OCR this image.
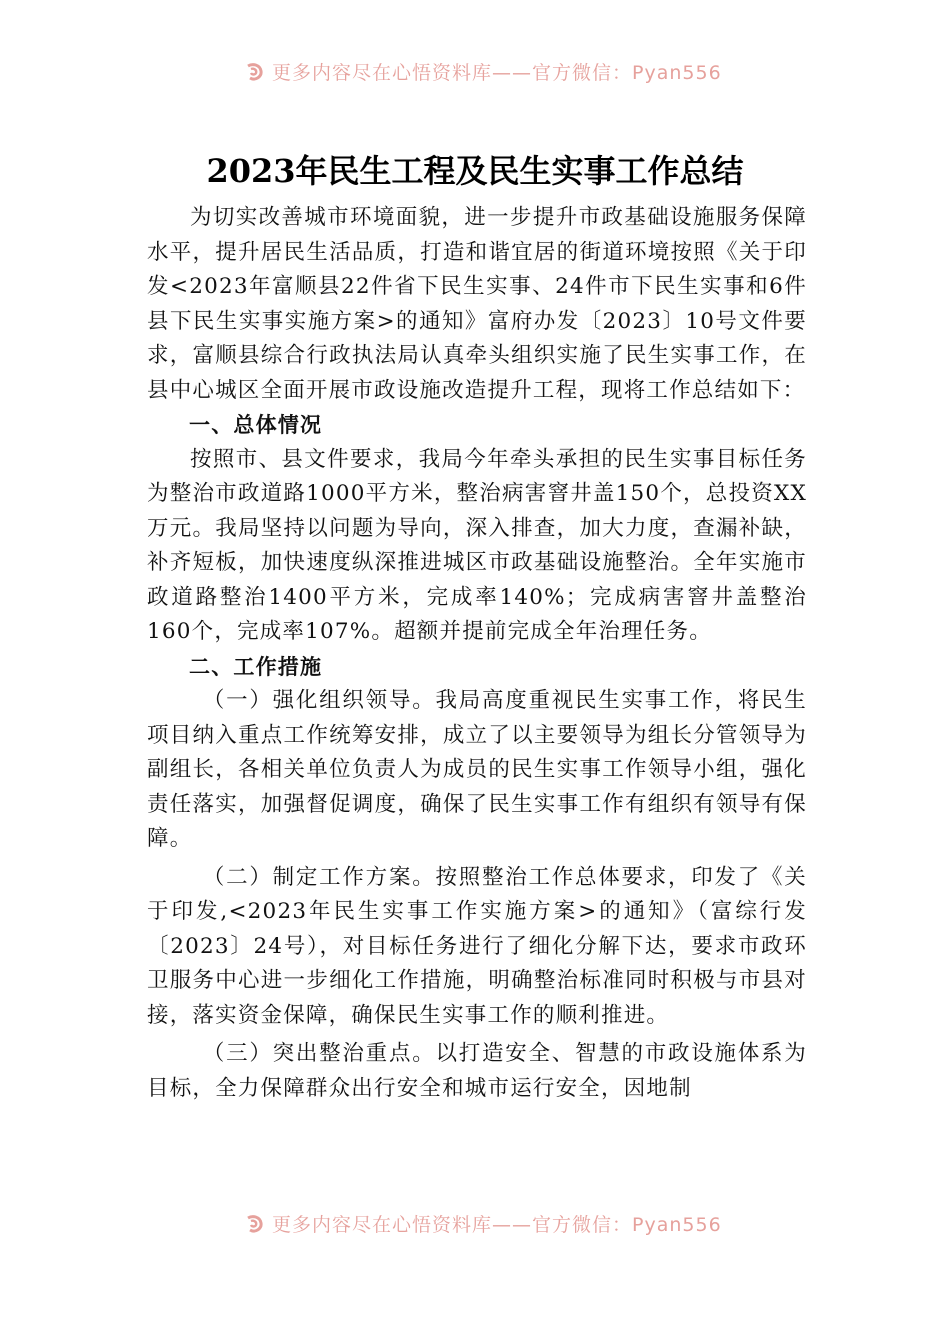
更多内容尽在心悟资料库——官方微信：Pyan556
2023年民生工程及民生实事工作总结

为切实改善城市环境面貌，进一步提升市政基础设施服务保障水平，提升居民生活品质，打造和谐宜居的街道环境按照《关于印发<2023年富顺县22件省下民生实事、24件市下民生实事和6件县下民生实事实施方案>的通知》富府办发〔2023〕10号文件要求，富顺县综合行政执法局认真牵头组织实施了民生实事工作，在县中心城区全面开展市政设施改造提升工程，现将工作总结如下：

一、总体情况

按照市、县文件要求，我局今年牵头承担的民生实事目标任务为整治市政道路1000平方米，整治病害窨井盖150个，总投资XX万元。我局坚持以问题为导向，深入排查，加大力度，查漏补缺，补齐短板，加快速度纵深推进城区市政基础设施整治。全年实施市政道路整治1400平方米，完成率140%；完成病害窨井盖整治160个，完成率107%。超额并提前完成全年治理任务。

二、工作措施

（一）强化组织领导。我局高度重视民生实事工作，将民生项目纳入重点工作统筹安排，成立了以主要领导为组长分管领导为副组长，各相关单位负责人为成员的民生实事工作领导小组，强化责任落实，加强督促调度，确保了民生实事工作有组织有领导有保障。

（二）制定工作方案。按照整治工作总体要求，印发了《关于印发,<2023年民生实事工作实施方案>的通知》（富综行发〔2023〕24号），对目标任务进行了细化分解下达，要求市政环卫服务中心进一步细化工作措施，明确整治标准同时积极与市县对接，落实资金保障，确保民生实事工作的顺利推进。

（三）突出整治重点。以打造安全、智慧的市政设施体系为目标，全力保障群众出行安全和城市运行安全，因地制

更多内容尽在心悟资料库——官方微信：Pyan556
